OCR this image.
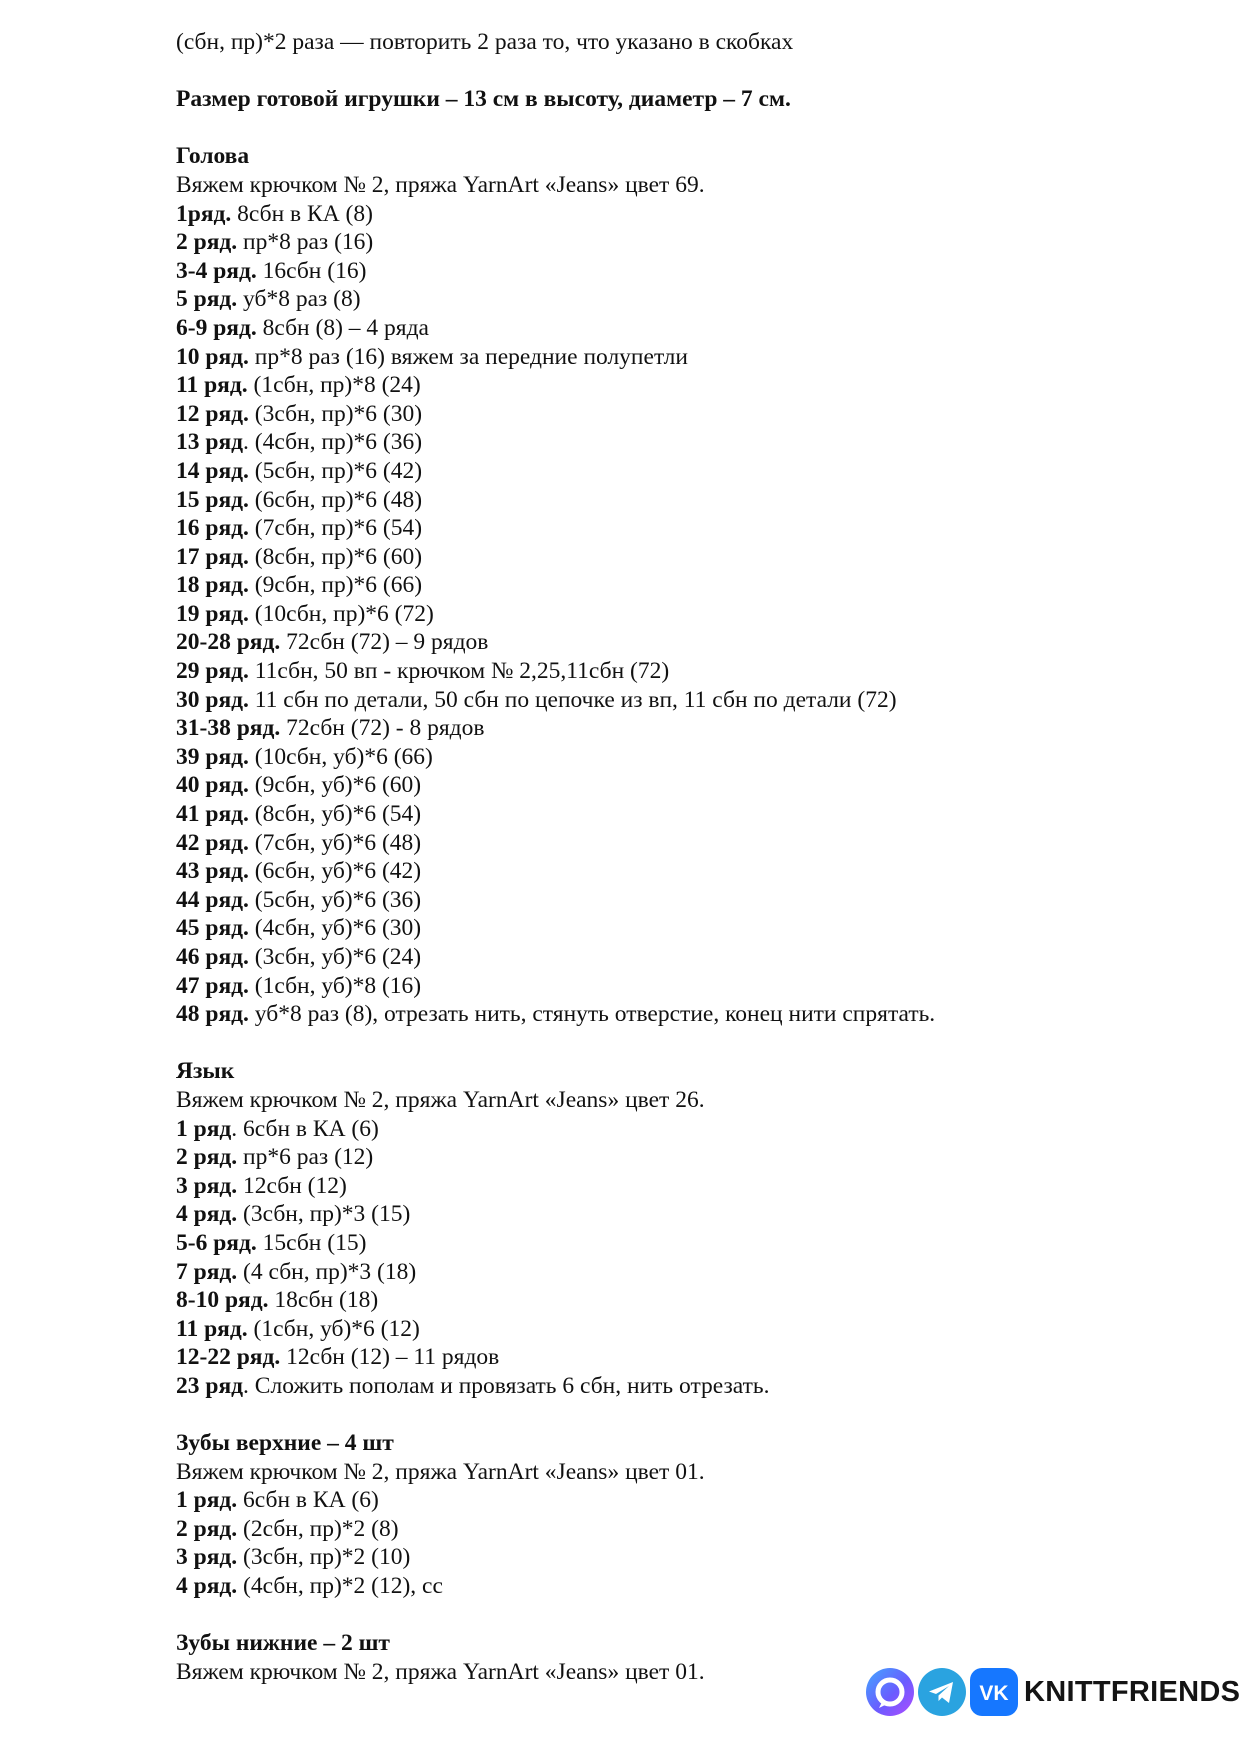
(сбн, пр)*2 раза — повторить 2 раза то, что указано в скобках
Размер готовой игрушки – 13 см в высоту, диаметр – 7 см.
Голова
Вяжем крючком № 2, пряжа YarnArt «Jeans» цвет 69.
1ряд. 8сбн в КА (8)
2 ряд. пр*8 раз (16)
3-4 ряд. 16сбн (16)
5 ряд. уб*8 раз (8)
6-9 ряд. 8сбн (8) – 4 ряда
10 ряд. пр*8 раз (16) вяжем за передние полупетли
11 ряд. (1сбн, пр)*8 (24)
12 ряд. (3сбн, пр)*6 (30)
13 ряд. (4сбн, пр)*6 (36)
14 ряд. (5сбн, пр)*6 (42)
15 ряд. (6сбн, пр)*6 (48)
16 ряд. (7сбн, пр)*6 (54)
17 ряд. (8сбн, пр)*6 (60)
18 ряд. (9сбн, пр)*6 (66)
19 ряд. (10сбн, пр)*6 (72)
20-28 ряд. 72сбн (72) – 9 рядов
29 ряд. 11сбн, 50 вп - крючком № 2,25,11сбн (72)
30 ряд. 11 сбн по детали, 50 сбн по цепочке из вп, 11 сбн по детали (72)
31-38 ряд. 72сбн (72) - 8 рядов
39 ряд. (10сбн, уб)*6 (66)
40 ряд. (9сбн, уб)*6 (60)
41 ряд. (8сбн, уб)*6 (54)
42 ряд. (7сбн, уб)*6 (48)
43 ряд. (6сбн, уб)*6 (42)
44 ряд. (5сбн, уб)*6 (36)
45 ряд. (4сбн, уб)*6 (30)
46 ряд. (3сбн, уб)*6 (24)
47 ряд. (1сбн, уб)*8 (16)
48 ряд. уб*8 раз (8), отрезать нить, стянуть отверстие, конец нити спрятать.
Язык
Вяжем крючком № 2, пряжа YarnArt «Jeans» цвет 26.
1 ряд. 6сбн в КА (6)
2 ряд. пр*6 раз (12)
3 ряд. 12сбн (12)
4 ряд. (3сбн, пр)*3 (15)
5-6 ряд. 15сбн (15)
7 ряд. (4 сбн, пр)*3 (18)
8-10 ряд. 18сбн (18)
11 ряд. (1сбн, уб)*6 (12)
12-22 ряд. 12сбн (12) – 11 рядов
23 ряд. Сложить пополам и провязать 6 сбн, нить отрезать.
Зубы верхние – 4 шт
Вяжем крючком № 2, пряжа YarnArt «Jeans» цвет 01.
1 ряд. 6сбн в КА (6)
2 ряд. (2сбн, пр)*2 (8)
3 ряд. (3сбн, пр)*2 (10)
4 ряд. (4сбн, пр)*2 (12), сс
Зубы нижние – 2 шт
Вяжем крючком № 2, пряжа YarnArt «Jeans» цвет 01.
VK KNITTFRIENDS
